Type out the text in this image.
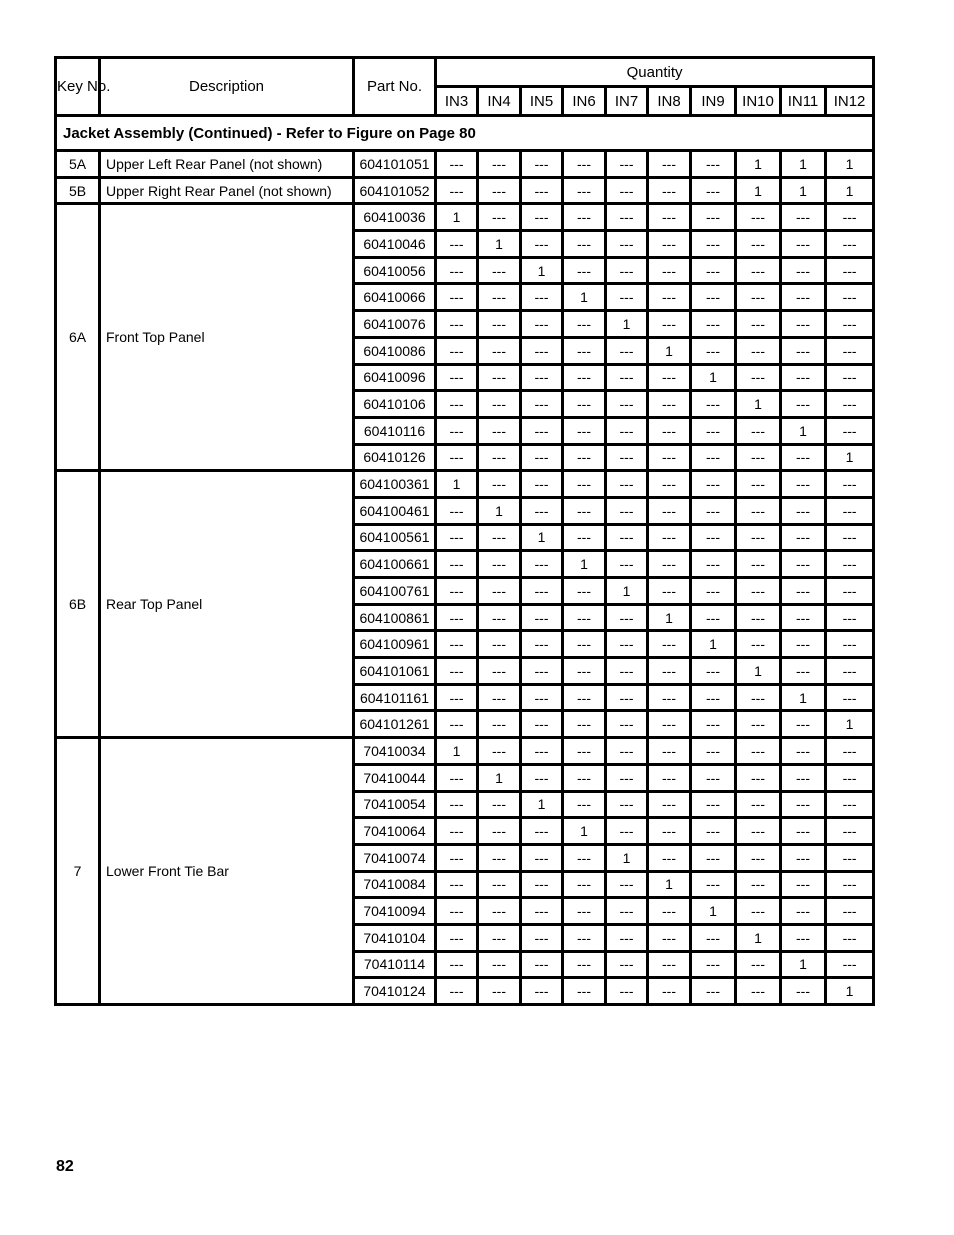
Key No.	Description	Part No.	Quantity									
			IN3	IN4	IN5	IN6	IN7	IN8	IN9	IN10	IN11	IN12
Jacket Assembly (Continued) - Refer to Figure on Page 80												
5A	Upper Left Rear Panel (not shown)	604101051	---	---	---	---	---	---	---	1	1	1
5B	Upper Right Rear Panel (not shown)	604101052	---	---	---	---	---	---	---	1	1	1
6A	Front Top Panel	60410036	1	---	---	---	---	---	---	---	---	---
		60410046	---	1	---	---	---	---	---	---	---	---
		60410056	---	---	1	---	---	---	---	---	---	---
		60410066	---	---	---	1	---	---	---	---	---	---
		60410076	---	---	---	---	1	---	---	---	---	---
		60410086	---	---	---	---	---	1	---	---	---	---
		60410096	---	---	---	---	---	---	1	---	---	---
		60410106	---	---	---	---	---	---	---	1	---	---
		60410116	---	---	---	---	---	---	---	---	1	---
		60410126	---	---	---	---	---	---	---	---	---	1
6B	Rear Top Panel	604100361	1	---	---	---	---	---	---	---	---	---
		604100461	---	1	---	---	---	---	---	---	---	---
		604100561	---	---	1	---	---	---	---	---	---	---
		604100661	---	---	---	1	---	---	---	---	---	---
		604100761	---	---	---	---	1	---	---	---	---	---
		604100861	---	---	---	---	---	1	---	---	---	---
		604100961	---	---	---	---	---	---	1	---	---	---
		604101061	---	---	---	---	---	---	---	1	---	---
		604101161	---	---	---	---	---	---	---	---	1	---
		604101261	---	---	---	---	---	---	---	---	---	1
7	Lower Front Tie Bar	70410034	1	---	---	---	---	---	---	---	---	---
		70410044	---	1	---	---	---	---	---	---	---	---
		70410054	---	---	1	---	---	---	---	---	---	---
		70410064	---	---	---	1	---	---	---	---	---	---
		70410074	---	---	---	---	1	---	---	---	---	---
		70410084	---	---	---	---	---	1	---	---	---	---
		70410094	---	---	---	---	---	---	1	---	---	---
		70410104	---	---	---	---	---	---	---	1	---	---
		70410114	---	---	---	---	---	---	---	---	1	---
		70410124	---	---	---	---	---	---	---	---	---	1
82
